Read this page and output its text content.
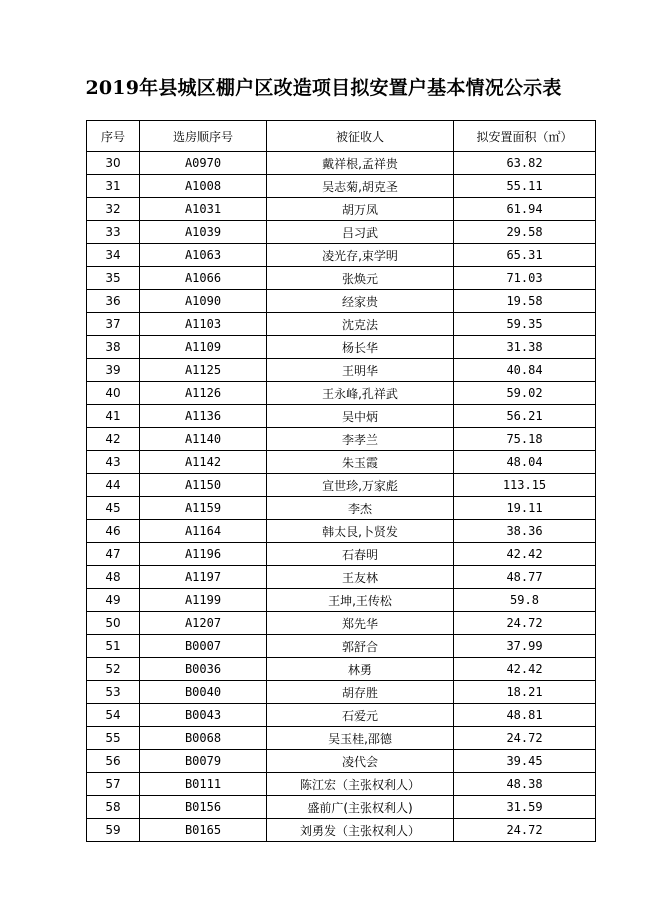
2019年县城区棚户区改造项目拟安置户基本情况公示表
序号	选房顺序号	被征收人	拟安置面积（㎡）
30	A0970	戴祥根,孟祥贵	63.82
31	A1008	吴志菊,胡克圣	55.11
32	A1031	胡万凤	61.94
33	A1039	吕习武	29.58
34	A1063	凌光存,束学明	65.31
35	A1066	张焕元	71.03
36	A1090	经家贵	19.58
37	A1103	沈克法	59.35
38	A1109	杨长华	31.38
39	A1125	王明华	40.84
40	A1126	王永峰,孔祥武	59.02
41	A1136	吴中炳	56.21
42	A1140	李孝兰	75.18
43	A1142	朱玉霞	48.04
44	A1150	宣世珍,万家彪	113.15
45	A1159	李杰	19.11
46	A1164	韩太艮,卜贤发	38.36
47	A1196	石春明	42.42
48	A1197	王友林	48.77
49	A1199	王坤,王传松	59.8
50	A1207	郑先华	24.72
51	B0007	郭舒合	37.99
52	B0036	林勇	42.42
53	B0040	胡存胜	18.21
54	B0043	石爱元	48.81
55	B0068	吴玉桂,邵德	24.72
56	B0079	凌代会	39.45
57	B0111	陈江宏（主张权利人）	48.38
58	B0156	盛前广(主张权利人)	31.59
59	B0165	刘勇发（主张权利人）	24.72
